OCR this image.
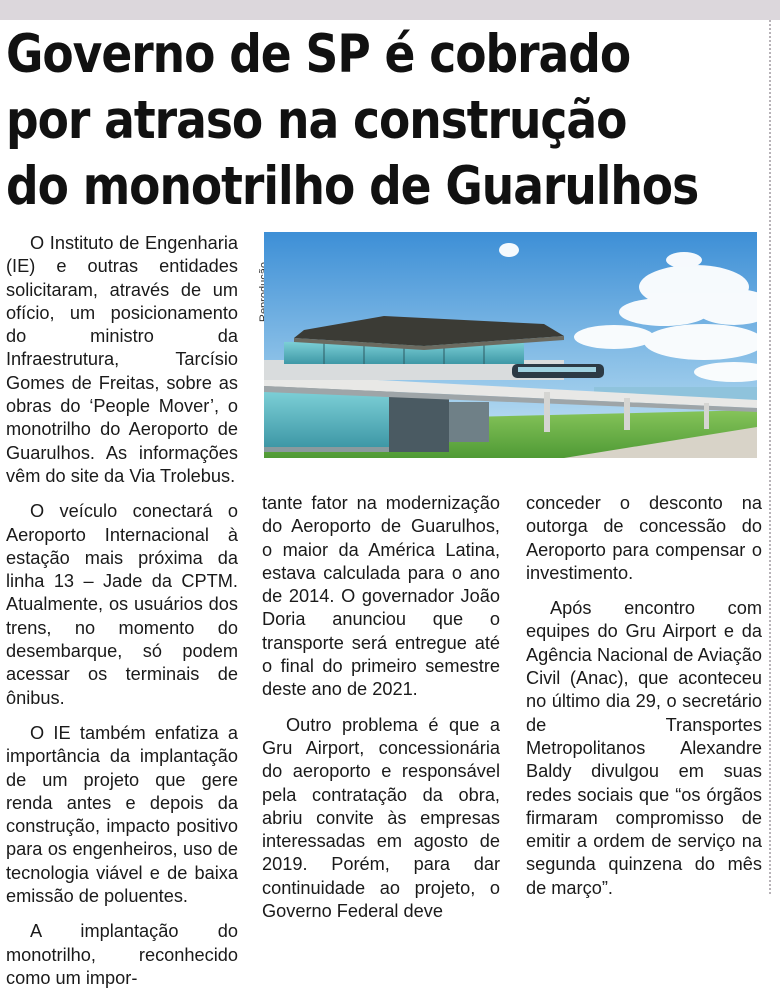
Governo de SP é cobrado
por atraso na construção
do monotrilho de Guarulhos

O Instituto de Engenharia (IE) e outras entidades solicitaram, através de um ofício, um posicionamento do ministro da Infraestrutura, Tarcísio Gomes de Freitas, sobre as obras do ‘People Mover’, o monotrilho do Aeroporto de Guarulhos. As informações vêm do site da Via Trolebus.

O veículo conectará o Aeroporto Internacional à estação mais próxima da linha 13 – Jade da CPTM. Atualmente, os usuários dos trens, no momento do desembarque, só podem acessar os terminais de ônibus.

O IE também enfatiza a importância da implantação de um projeto que gere renda antes e depois da construção, impacto positivo para os engenheiros, uso de tecnologia viável e de baixa emissão de poluentes.

A implantação do monotrilho, reconhecido como um impor-

tante fator na modernização do Aeroporto de Guarulhos, o maior da América Latina, estava calculada para o ano de 2014. O governador João Doria anunciou que o transporte será entregue até o final do primeiro semestre deste ano de 2021.

Outro problema é que a Gru Airport, concessionária do aeroporto e responsável pela contratação da obra, abriu convite às empresas interessadas em agosto de 2019. Porém, para dar continuidade ao projeto, o Governo Federal deve

conceder o desconto na outorga de concessão do Aeroporto para compensar o investimento.

Após encontro com equipes do Gru Airport e da Agência Nacional de Aviação Civil (Anac), que aconteceu no último dia 29, o secretário de Transportes Metropolitanos Alexandre Baldy divulgou em suas redes sociais que “os órgãos firmaram compromisso de emitir a ordem de serviço na segunda quinzena do mês de março”.
